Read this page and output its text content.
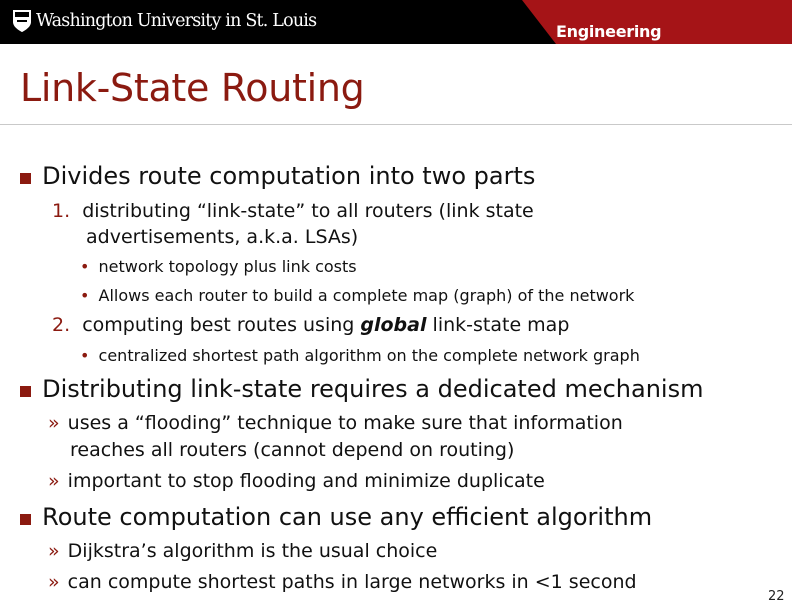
Washington University in St. Louis
Engineering
Link-State Routing
Divides route computation into two parts
1. distributing “link-state” to all routers (link state
advertisements, a.k.a. LSAs)
• network topology plus link costs
• Allows each router to build a complete map (graph) of the network
2. computing best routes using global link-state map
• centralized shortest path algorithm on the complete network graph
Distributing link-state requires a dedicated mechanism
» uses a “flooding” technique to make sure that information
reaches all routers (cannot depend on routing)
» important to stop flooding and minimize duplicate
Route computation can use any efficient algorithm
» Dijkstra’s algorithm is the usual choice
» can compute shortest paths in large networks in <1 second
22
